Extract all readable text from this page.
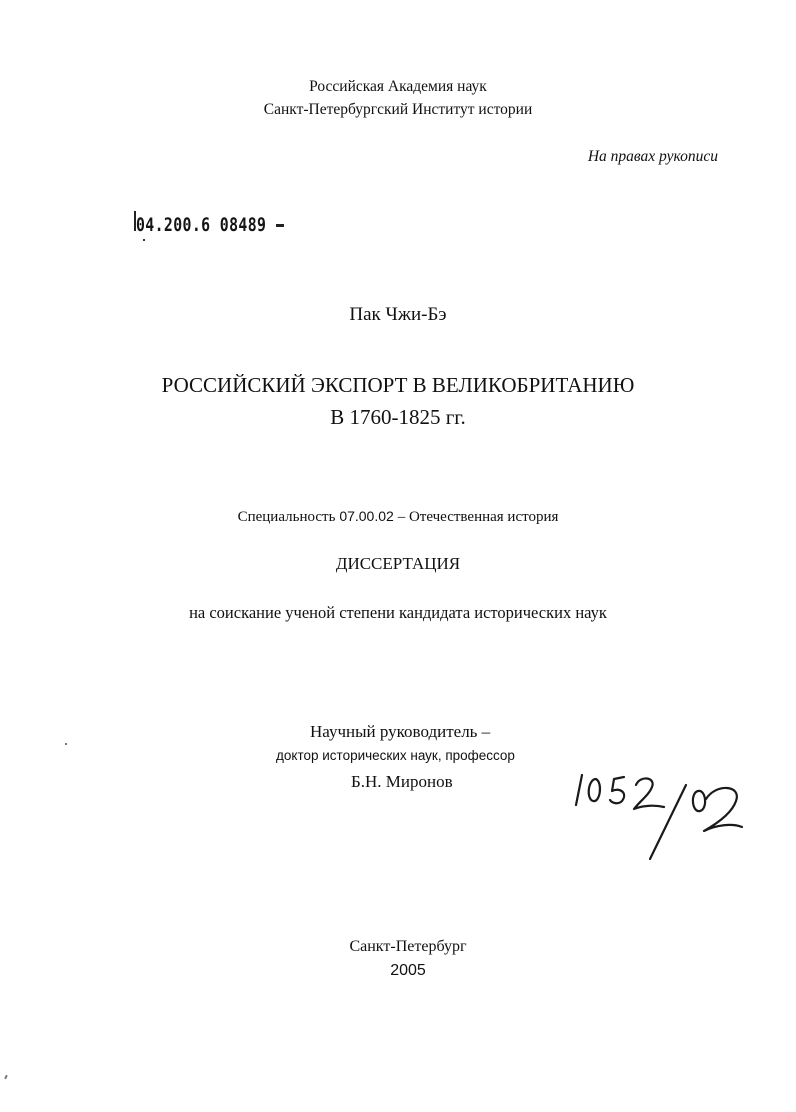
Российская Академия наук
Санкт-Петербургский Институт истории
На правах рукописи
04.200.6 08489
Пак Чжи-Бэ
РОССИЙСКИЙ ЭКСПОРТ В ВЕЛИКОБРИТАНИЮ
В 1760-1825 гг.
Специальность 07.00.02 – Отечественная история
ДИССЕРТАЦИЯ
на соискание ученой степени кандидата исторических наук
Научный руководитель –
доктор исторических наук, профессор
Б.Н. Миронов
Санкт-Петербург
2005
